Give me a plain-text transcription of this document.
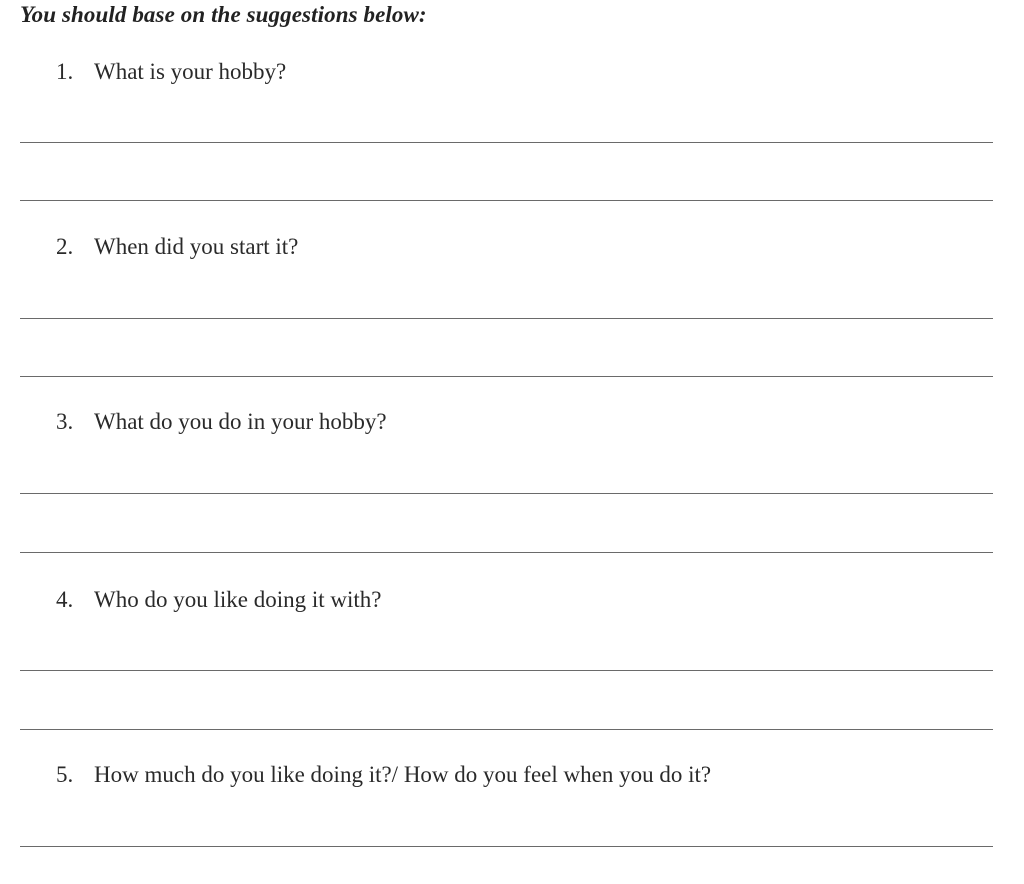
You should base on the suggestions below:
1. What is your hobby?
2. When did you start it?
3. What do you do in your hobby?
4. Who do you like doing it with?
5. How much do you like doing it?/ How do you feel when you do it?
